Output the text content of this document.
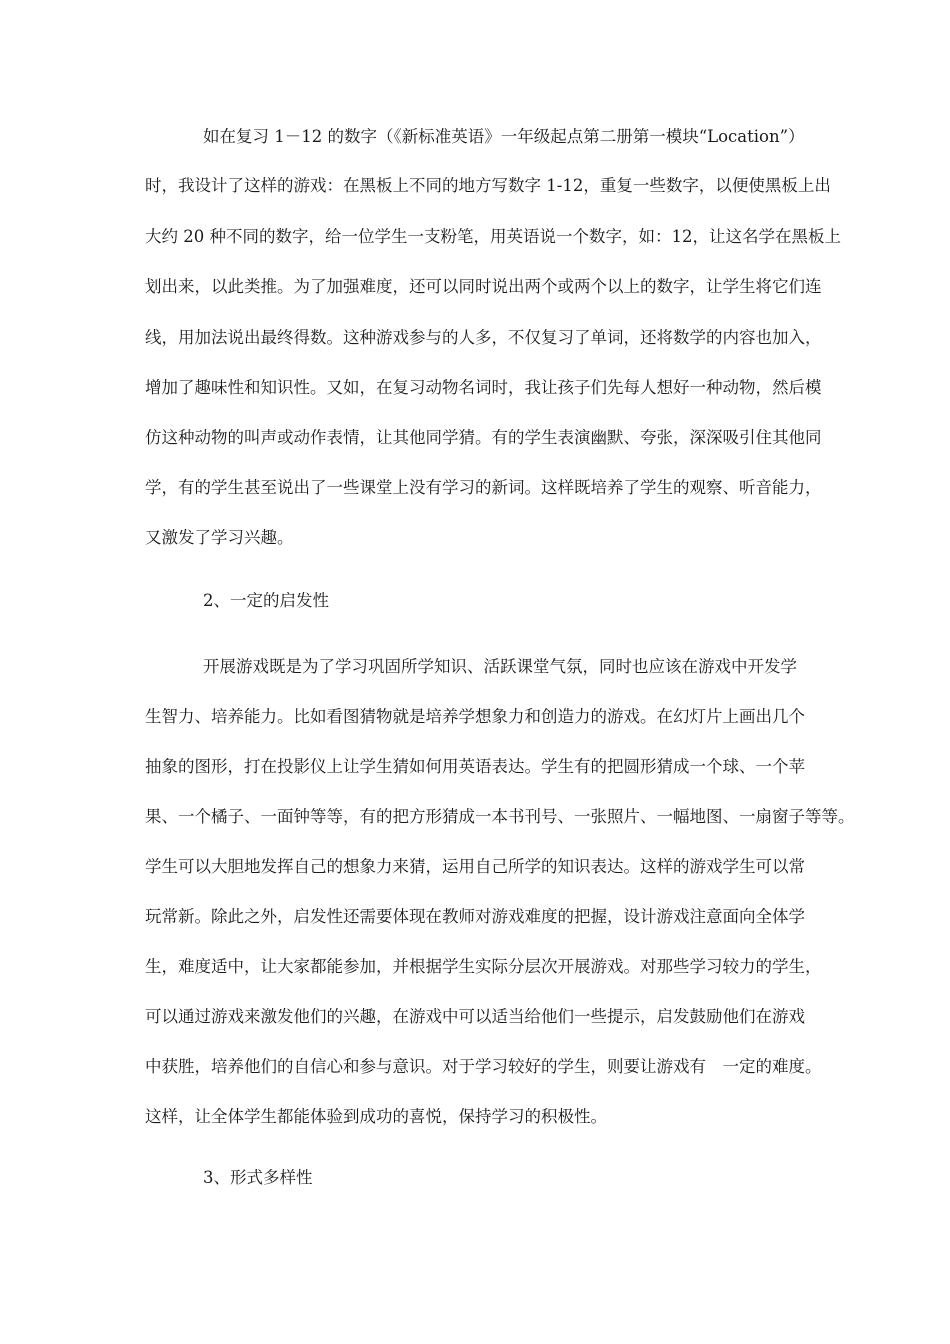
如在复习 1－12 的数字（《新标准英语》一年级起点第二册第一模块“Location”）
时，我设计了这样的游戏：在黑板上不同的地方写数字 1-12，重复一些数字，以便使黑板上出
大约 20 种不同的数字，给一位学生一支粉笔，用英语说一个数字，如：12，让这名学在黑板上
划出来，以此类推。为了加强难度，还可以同时说出两个或两个以上的数字，让学生将它们连
线，用加法说出最终得数。这种游戏参与的人多，不仅复习了单词，还将数学的内容也加入，
增加了趣味性和知识性。又如，在复习动物名词时，我让孩子们先每人想好一种动物，然后模
仿这种动物的叫声或动作表情，让其他同学猜。有的学生表演幽默、夸张，深深吸引住其他同
学，有的学生甚至说出了一些课堂上没有学习的新词。这样既培养了学生的观察、听音能力，
又激发了学习兴趣。
2、一定的启发性
开展游戏既是为了学习巩固所学知识、活跃课堂气氛，同时也应该在游戏中开发学
生智力、培养能力。比如看图猜物就是培养学想象力和创造力的游戏。在幻灯片上画出几个
抽象的图形，打在投影仪上让学生猜如何用英语表达。学生有的把圆形猜成一个球、一个苹
果、一个橘子、一面钟等等，有的把方形猜成一本书刊号、一张照片、一幅地图、一扇窗子等等。
学生可以大胆地发挥自己的想象力来猜，运用自己所学的知识表达。这样的游戏学生可以常
玩常新。除此之外，启发性还需要体现在教师对游戏难度的把握，设计游戏注意面向全体学
生，难度适中，让大家都能参加，并根据学生实际分层次开展游戏。对那些学习较力的学生，
可以通过游戏来激发他们的兴趣，在游戏中可以适当给他们一些提示，启发鼓励他们在游戏
中获胜，培养他们的自信心和参与意识。对于学习较好的学生，则要让游戏有　一定的难度。
这样，让全体学生都能体验到成功的喜悦，保持学习的积极性。
3、形式多样性
